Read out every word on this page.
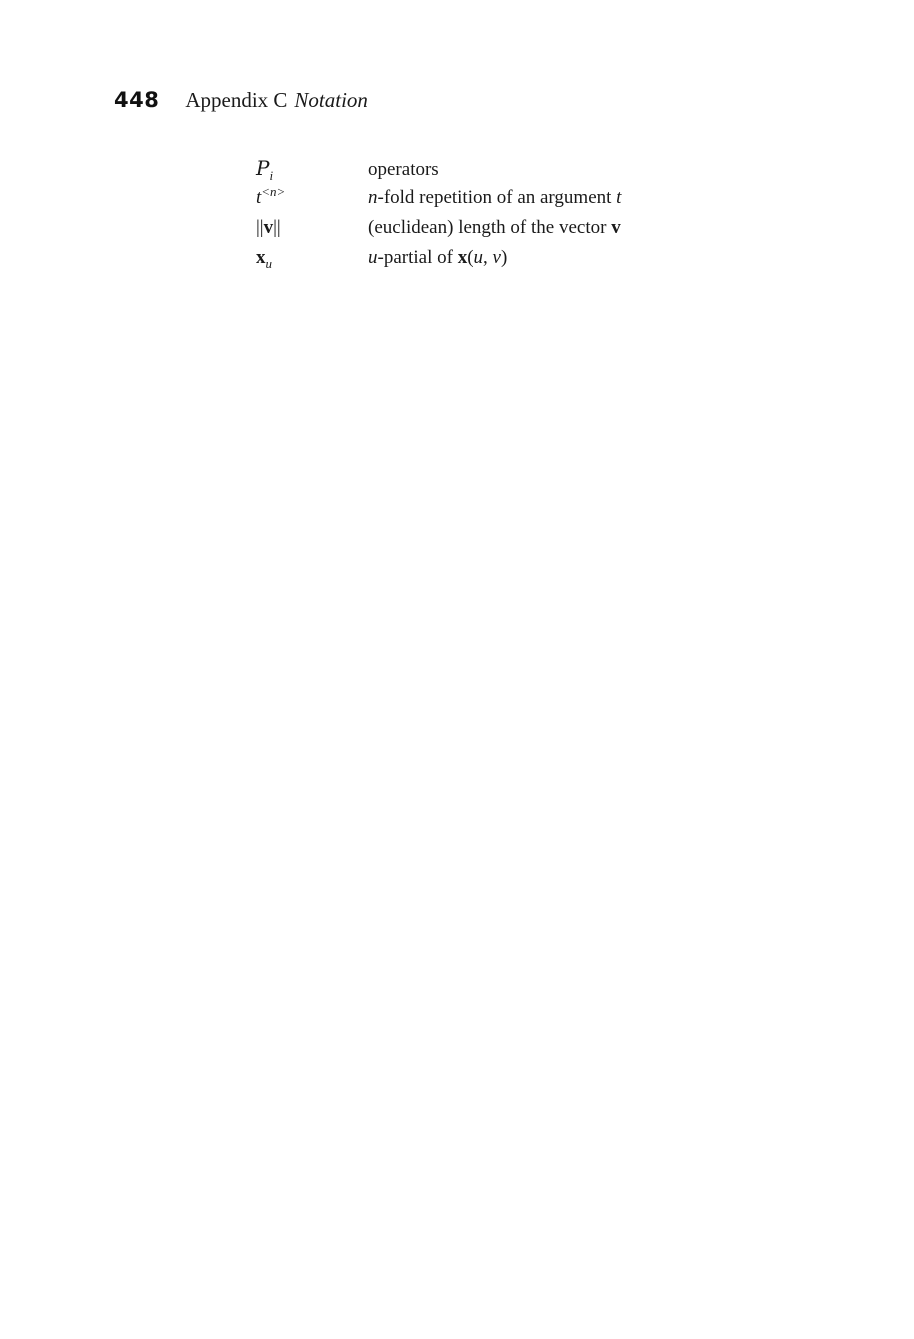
448 Appendix C Notation
$P_i$	operators
$t^{<n>}$	n-fold repetition of an argument t
||v||	(euclidean) length of the vector v
$x_u$	u-partial of x(u, v)
